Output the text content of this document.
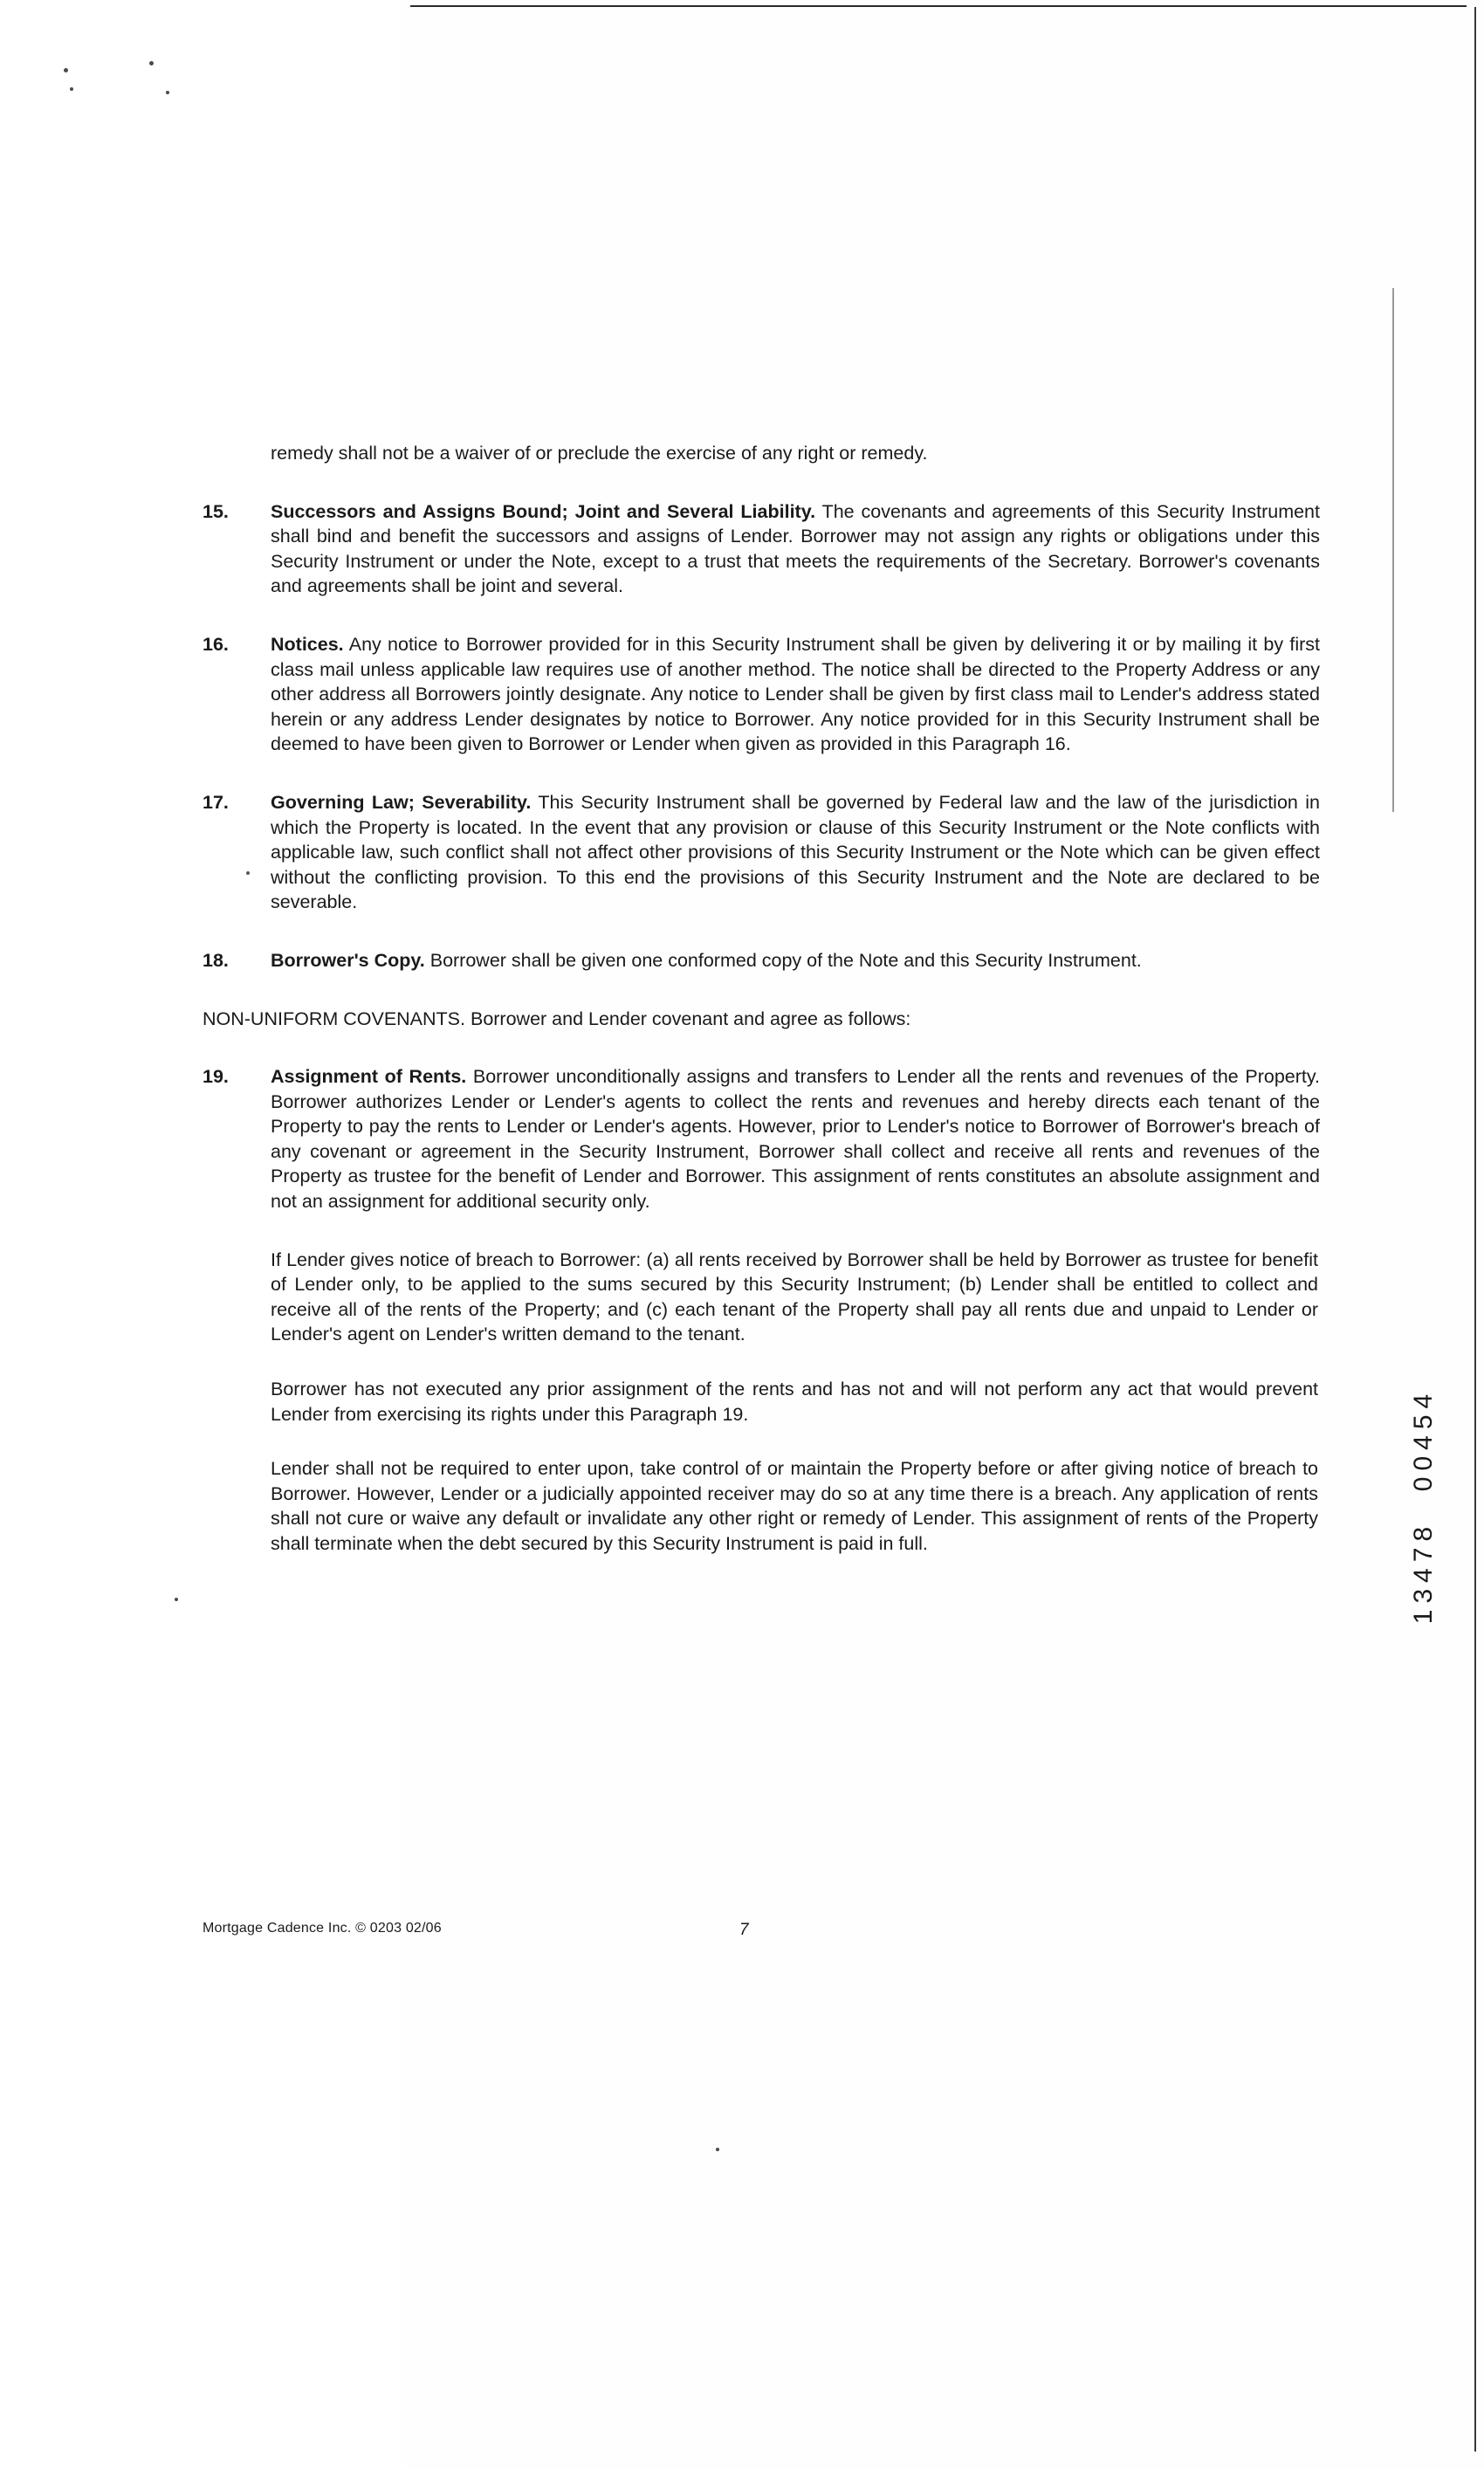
remedy shall not be a waiver of or preclude the exercise of any right or remedy.

15.	Successors and Assigns Bound; Joint and Several Liability. The covenants and agreements of this Security Instrument shall bind and benefit the successors and assigns of Lender. Borrower may not assign any rights or obligations under this Security Instrument or under the Note, except to a trust that meets the requirements of the Secretary. Borrower's covenants and agreements shall be joint and several.
16.	Notices. Any notice to Borrower provided for in this Security Instrument shall be given by delivering it or by mailing it by first class mail unless applicable law requires use of another method. The notice shall be directed to the Property Address or any other address all Borrowers jointly designate. Any notice to Lender shall be given by first class mail to Lender's address stated herein or any address Lender designates by notice to Borrower. Any notice provided for in this Security Instrument shall be deemed to have been given to Borrower or Lender when given as provided in this Paragraph 16.
17.	Governing Law; Severability. This Security Instrument shall be governed by Federal law and the law of the jurisdiction in which the Property is located. In the event that any provision or clause of this Security Instrument or the Note conflicts with applicable law, such conflict shall not affect other provisions of this Security Instrument or the Note which can be given effect without the conflicting provision. To this end the provisions of this Security Instrument and the Note are declared to be severable.
18.	Borrower's Copy. Borrower shall be given one conformed copy of the Note and this Security Instrument.

NON-UNIFORM COVENANTS. Borrower and Lender covenant and agree as follows:

19.	Assignment of Rents. Borrower unconditionally assigns and transfers to Lender all the rents and revenues of the Property. Borrower authorizes Lender or Lender's agents to collect the rents and revenues and hereby directs each tenant of the Property to pay the rents to Lender or Lender's agents. However, prior to Lender's notice to Borrower of Borrower's breach of any covenant or agreement in the Security Instrument, Borrower shall collect and receive all rents and revenues of the Property as trustee for the benefit of Lender and Borrower. This assignment of rents constitutes an absolute assignment and not an assignment for additional security only.

If Lender gives notice of breach to Borrower: (a) all rents received by Borrower shall be held by Borrower as trustee for benefit of Lender only, to be applied to the sums secured by this Security Instrument; (b) Lender shall be entitled to collect and receive all of the rents of the Property; and (c) each tenant of the Property shall pay all rents due and unpaid to Lender or Lender's agent on Lender's written demand to the tenant.

Borrower has not executed any prior assignment of the rents and has not and will not perform any act that would prevent Lender from exercising its rights under this Paragraph 19.

Lender shall not be required to enter upon, take control of or maintain the Property before or after giving notice of breach to Borrower. However, Lender or a judicially appointed receiver may do so at any time there is a breach. Any application of rents shall not cure or waive any default or invalidate any other right or remedy of Lender. This assignment of rents of the Property shall terminate when the debt secured by this Security Instrument is paid in full.

Mortgage Cadence Inc. © 0203 02/06	7
13478 00454
